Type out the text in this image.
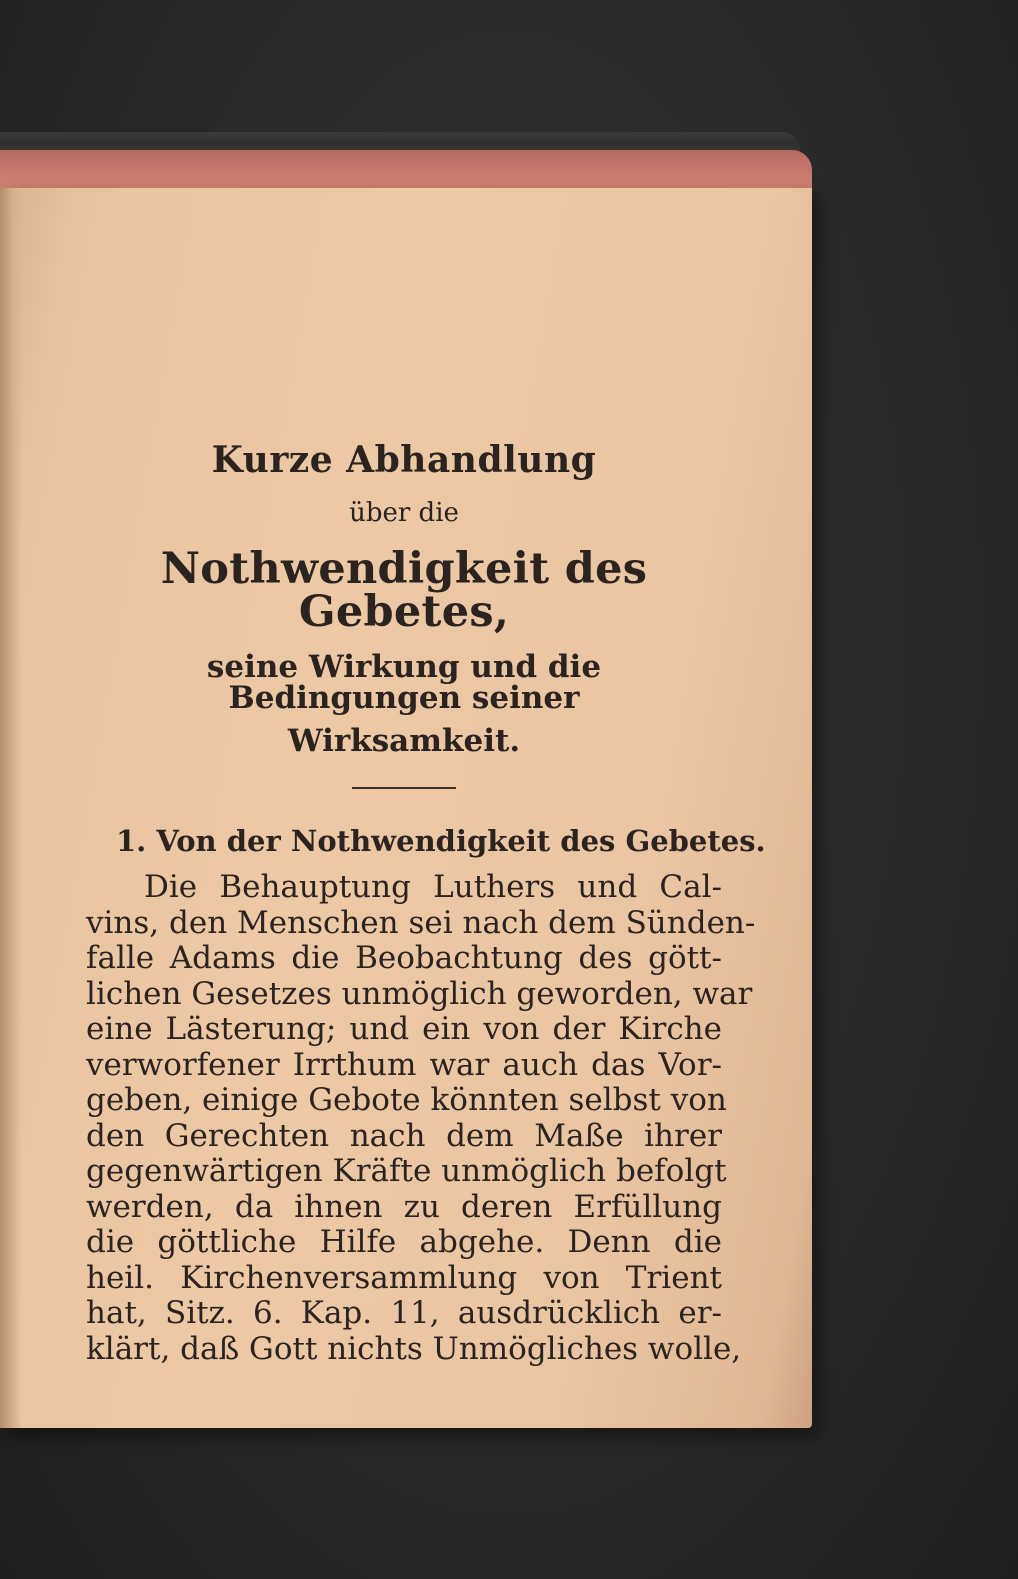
Kurze Abhandlung

über die

Nothwendigkeit des Gebetes,

seine Wirkung und die Bedingungen seiner

Wirksamkeit.

1. Von der Nothwendigkeit des Gebetes.

Die Behauptung Luthers und Cal-
vins, den Menschen sei nach dem Sünden-
falle Adams die Beobachtung des gött-
lichen Gesetzes unmöglich geworden, war
eine Lästerung; und ein von der Kirche
verworfener Irrthum war auch das Vor-
geben, einige Gebote könnten selbst von
den Gerechten nach dem Maße ihrer
gegenwärtigen Kräfte unmöglich befolgt
werden, da ihnen zu deren Erfüllung
die göttliche Hilfe abgehe. Denn die
heil. Kirchenversammlung von Trient
hat, Sitz. 6. Kap. 11, ausdrücklich er-
klärt, daß Gott nichts Unmögliches wolle,
